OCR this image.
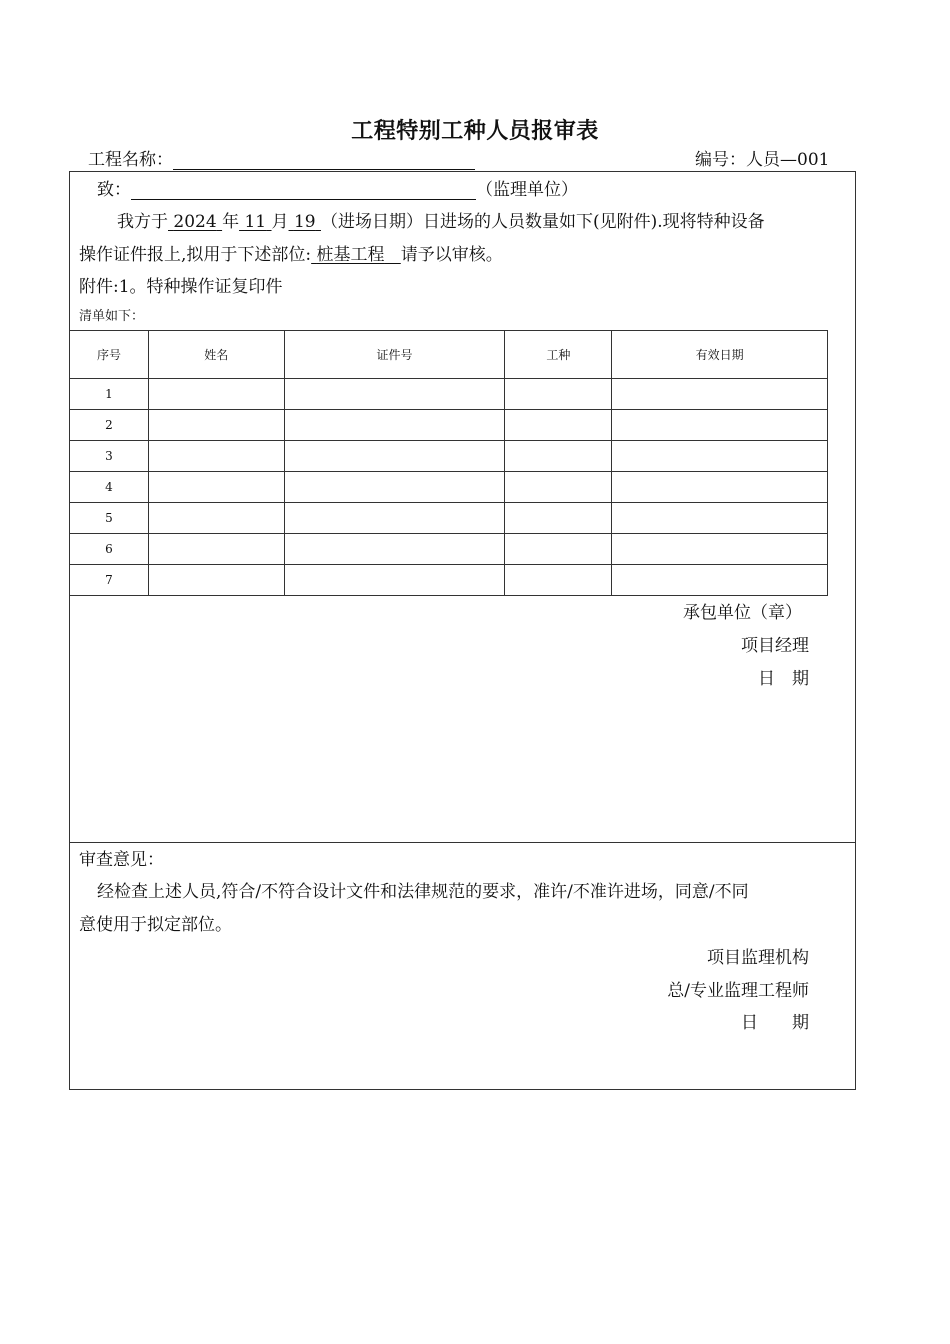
工程特别工种人员报审表
工程名称：	编号：人员—001
致：	（监理单位）
我方于 2024 年 11 月 19 （进场日期）日进场的人员数量如下(见附件).现将特种设备
操作证件报上,拟用于下述部位: 桩基工程 请予以审核。
附件:1。特种操作证复印件
清单如下：
序号	姓名	证件号	工种	有效日期
1				
2				
3				
4				
5				
6				
7				
承包单位（章）
项目经理
日　期
审查意见：
经检查上述人员,符合/不符合设计文件和法律规范的要求，准许/不准许进场，同意/不同
意使用于拟定部位。
项目监理机构
总/专业监理工程师
日　　期
